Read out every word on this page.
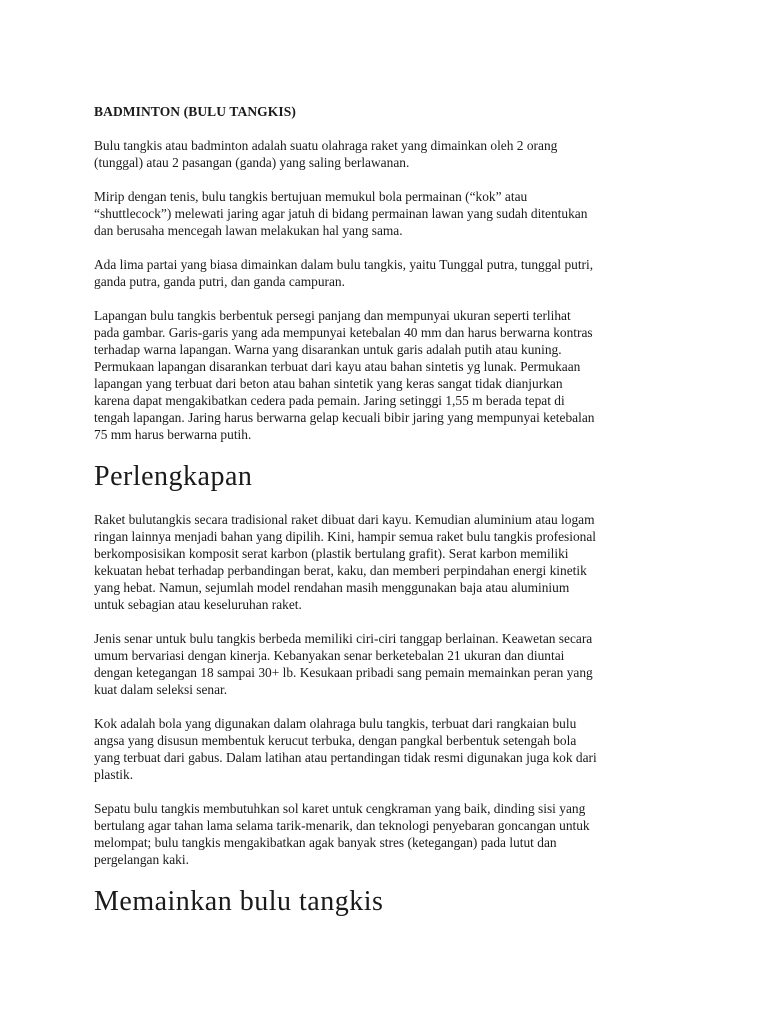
BADMINTON (BULU TANGKIS)

Bulu tangkis atau badminton adalah suatu olahraga raket yang dimainkan oleh 2 orang
(tunggal) atau 2 pasangan (ganda) yang saling berlawanan.

Mirip dengan tenis, bulu tangkis bertujuan memukul bola permainan (“kok” atau
“shuttlecock”) melewati jaring agar jatuh di bidang permainan lawan yang sudah ditentukan
dan berusaha mencegah lawan melakukan hal yang sama.

Ada lima partai yang biasa dimainkan dalam bulu tangkis, yaitu Tunggal putra, tunggal putri,
ganda putra, ganda putri, dan ganda campuran.

Lapangan bulu tangkis berbentuk persegi panjang dan mempunyai ukuran seperti terlihat
pada gambar. Garis-garis yang ada mempunyai ketebalan 40 mm dan harus berwarna kontras
terhadap warna lapangan. Warna yang disarankan untuk garis adalah putih atau kuning.
Permukaan lapangan disarankan terbuat dari kayu atau bahan sintetis yg lunak. Permukaan
lapangan yang terbuat dari beton atau bahan sintetik yang keras sangat tidak dianjurkan
karena dapat mengakibatkan cedera pada pemain. Jaring setinggi 1,55 m berada tepat di
tengah lapangan. Jaring harus berwarna gelap kecuali bibir jaring yang mempunyai ketebalan
75 mm harus berwarna putih.

Perlengkapan

Raket bulutangkis secara tradisional raket dibuat dari kayu. Kemudian aluminium atau logam
ringan lainnya menjadi bahan yang dipilih. Kini, hampir semua raket bulu tangkis profesional
berkomposisikan komposit serat karbon (plastik bertulang grafit). Serat karbon memiliki
kekuatan hebat terhadap perbandingan berat, kaku, dan memberi perpindahan energi kinetik
yang hebat. Namun, sejumlah model rendahan masih menggunakan baja atau aluminium
untuk sebagian atau keseluruhan raket.

Jenis senar untuk bulu tangkis berbeda memiliki ciri-ciri tanggap berlainan. Keawetan secara
umum bervariasi dengan kinerja. Kebanyakan senar berketebalan 21 ukuran dan diuntai
dengan ketegangan 18 sampai 30+ lb. Kesukaan pribadi sang pemain memainkan peran yang
kuat dalam seleksi senar.

Kok adalah bola yang digunakan dalam olahraga bulu tangkis, terbuat dari rangkaian bulu
angsa yang disusun membentuk kerucut terbuka, dengan pangkal berbentuk setengah bola
yang terbuat dari gabus. Dalam latihan atau pertandingan tidak resmi digunakan juga kok dari
plastik.

Sepatu bulu tangkis membutuhkan sol karet untuk cengkraman yang baik, dinding sisi yang
bertulang agar tahan lama selama tarik-menarik, dan teknologi penyebaran goncangan untuk
melompat; bulu tangkis mengakibatkan agak banyak stres (ketegangan) pada lutut dan
pergelangan kaki.

Memainkan bulu tangkis
